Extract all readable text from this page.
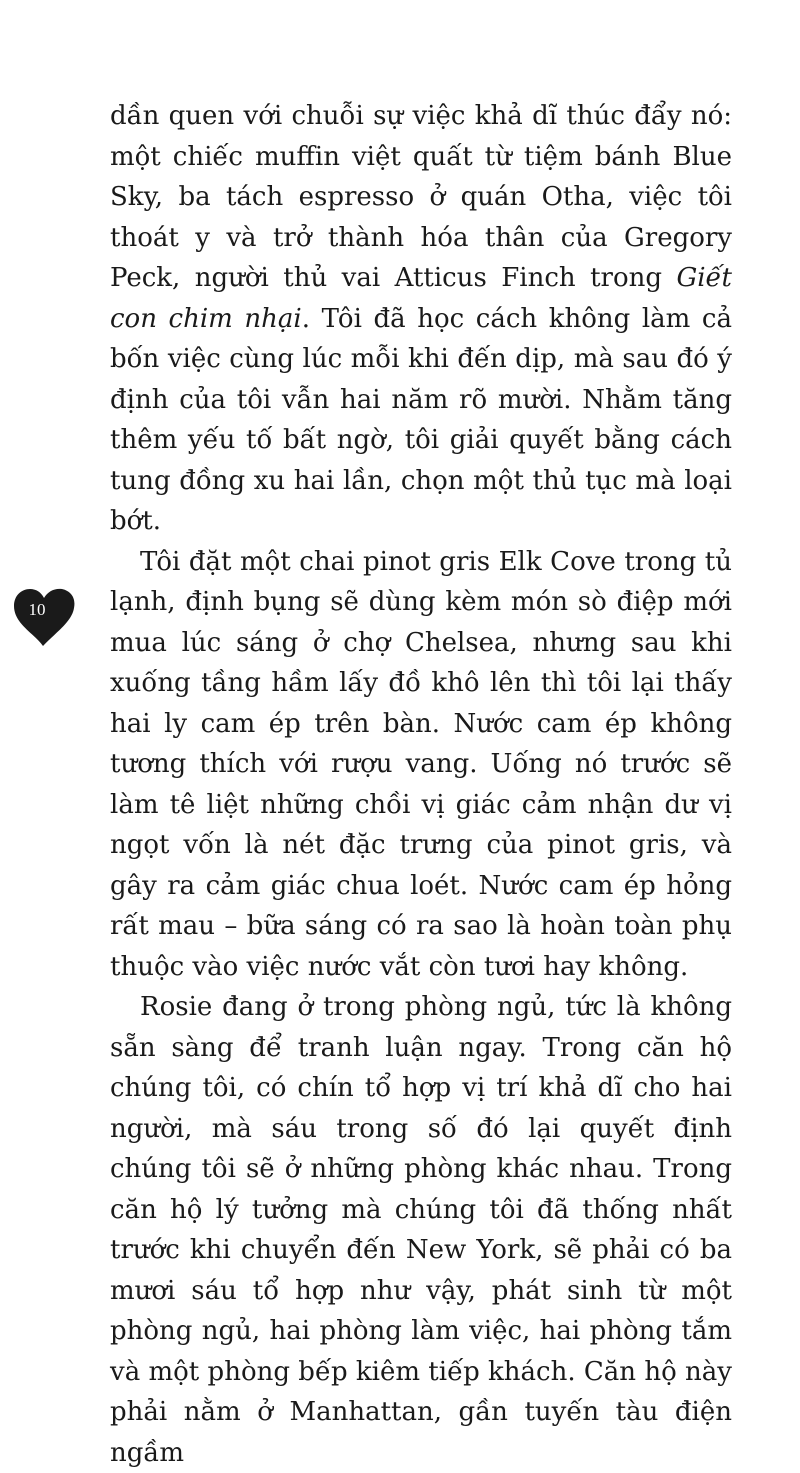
dần quen với chuỗi sự việc khả dĩ thúc đẩy nó: một chiếc muffin việt quất từ tiệm bánh Blue Sky, ba tách espresso ở quán Otha, việc tôi thoát y và trở thành hóa thân của Gregory Peck, người thủ vai Atticus Finch trong Giết con chim nhại. Tôi đã học cách không làm cả bốn việc cùng lúc mỗi khi đến dịp, mà sau đó ý định của tôi vẫn hai năm rõ mười. Nhằm tăng thêm yếu tố bất ngờ, tôi giải quyết bằng cách tung đồng xu hai lần, chọn một thủ tục mà loại bớt.

Tôi đặt một chai pinot gris Elk Cove trong tủ lạnh, định bụng sẽ dùng kèm món sò điệp mới mua lúc sáng ở chợ Chelsea, nhưng sau khi xuống tầng hầm lấy đồ khô lên thì tôi lại thấy hai ly cam ép trên bàn. Nước cam ép không tương thích với rượu vang. Uống nó trước sẽ làm tê liệt những chồi vị giác cảm nhận dư vị ngọt vốn là nét đặc trưng của pinot gris, và gây ra cảm giác chua loét. Nước cam ép hỏng rất mau – bữa sáng có ra sao là hoàn toàn phụ thuộc vào việc nước vắt còn tươi hay không.

Rosie đang ở trong phòng ngủ, tức là không sẵn sàng để tranh luận ngay. Trong căn hộ chúng tôi, có chín tổ hợp vị trí khả dĩ cho hai người, mà sáu trong số đó lại quyết định chúng tôi sẽ ở những phòng khác nhau. Trong căn hộ lý tưởng mà chúng tôi đã thống nhất trước khi chuyển đến New York, sẽ phải có ba mươi sáu tổ hợp như vậy, phát sinh từ một phòng ngủ, hai phòng làm việc, hai phòng tắm và một phòng bếp kiêm tiếp khách. Căn hộ này phải nằm ở Manhattan, gần tuyến tàu điện ngầm

10
